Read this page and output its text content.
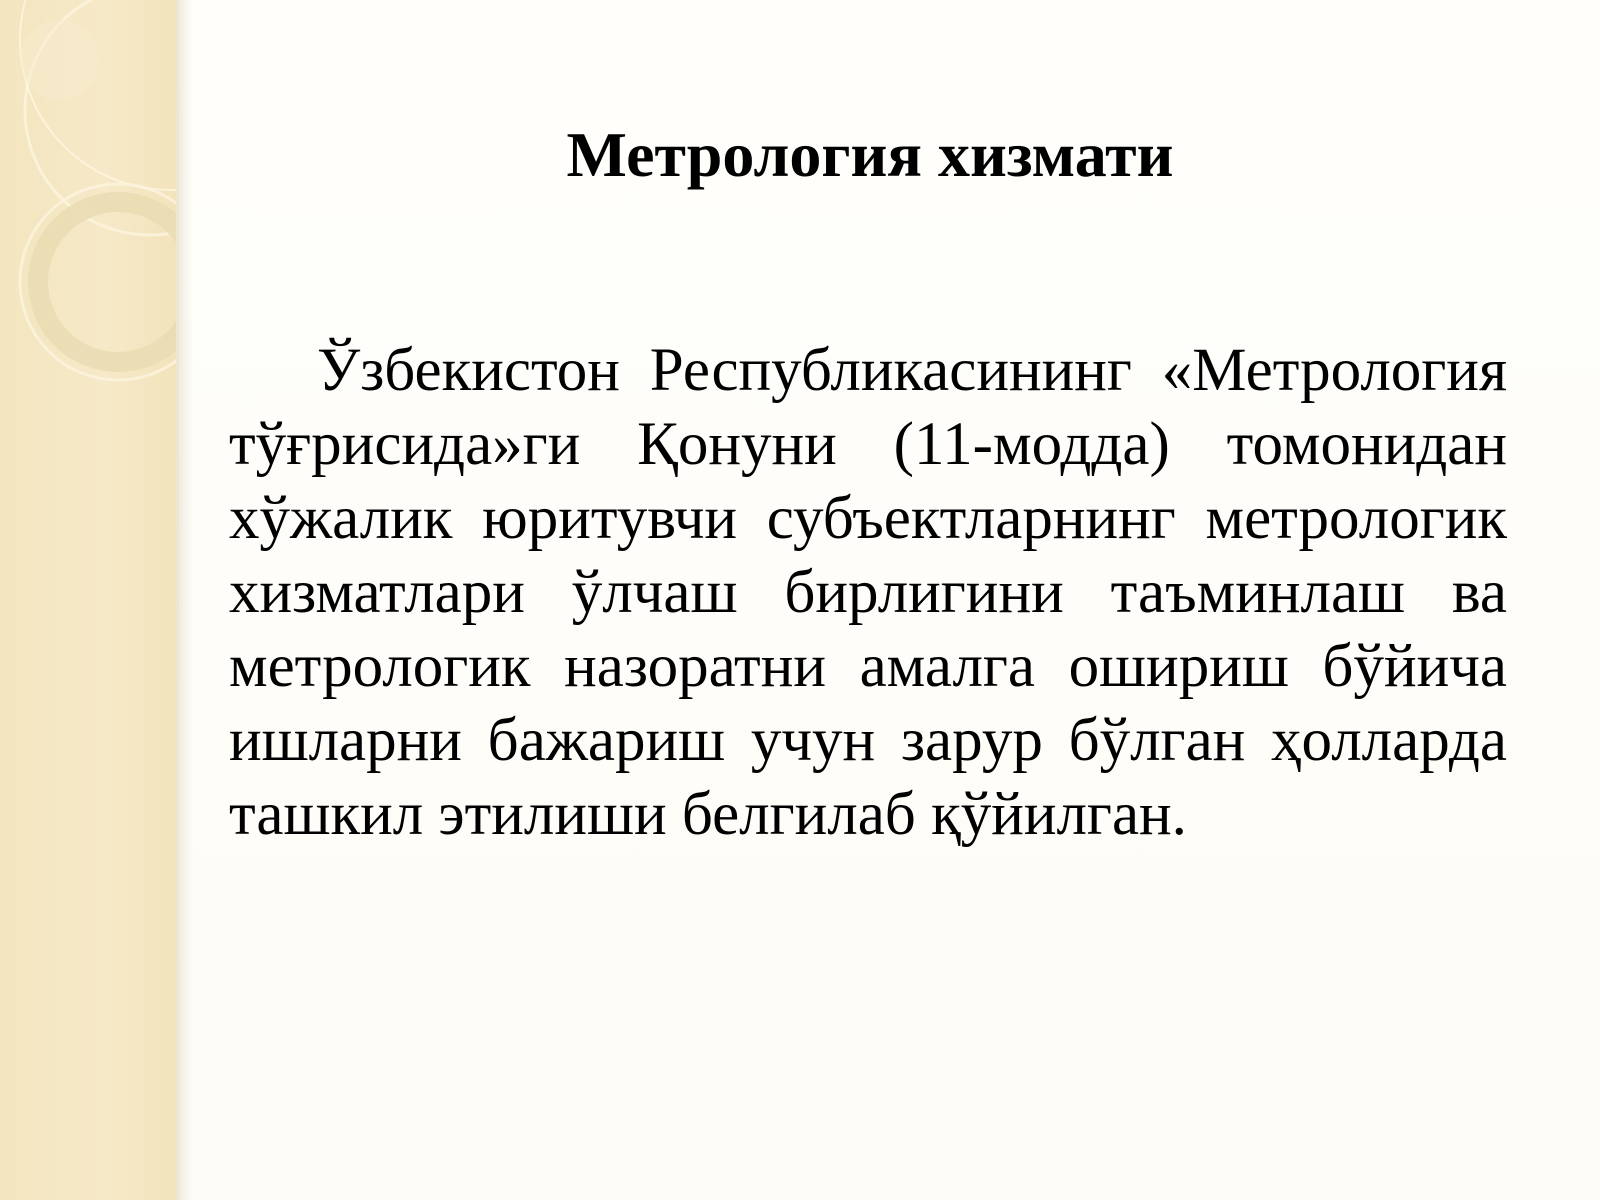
Метрология хизмати

Ўзбекистон Республикасининг «Метрология тўғрисида»ги Қонуни (11-модда) томонидан хўжалик юритувчи субъектларнинг метрологик хизматлари ўлчаш бирлигини таъминлаш ва метрологик назоратни амалга ошириш бўйича ишларни бажариш учун зарур бўлган ҳолларда ташкил этилиши белгилаб қўйилган.
